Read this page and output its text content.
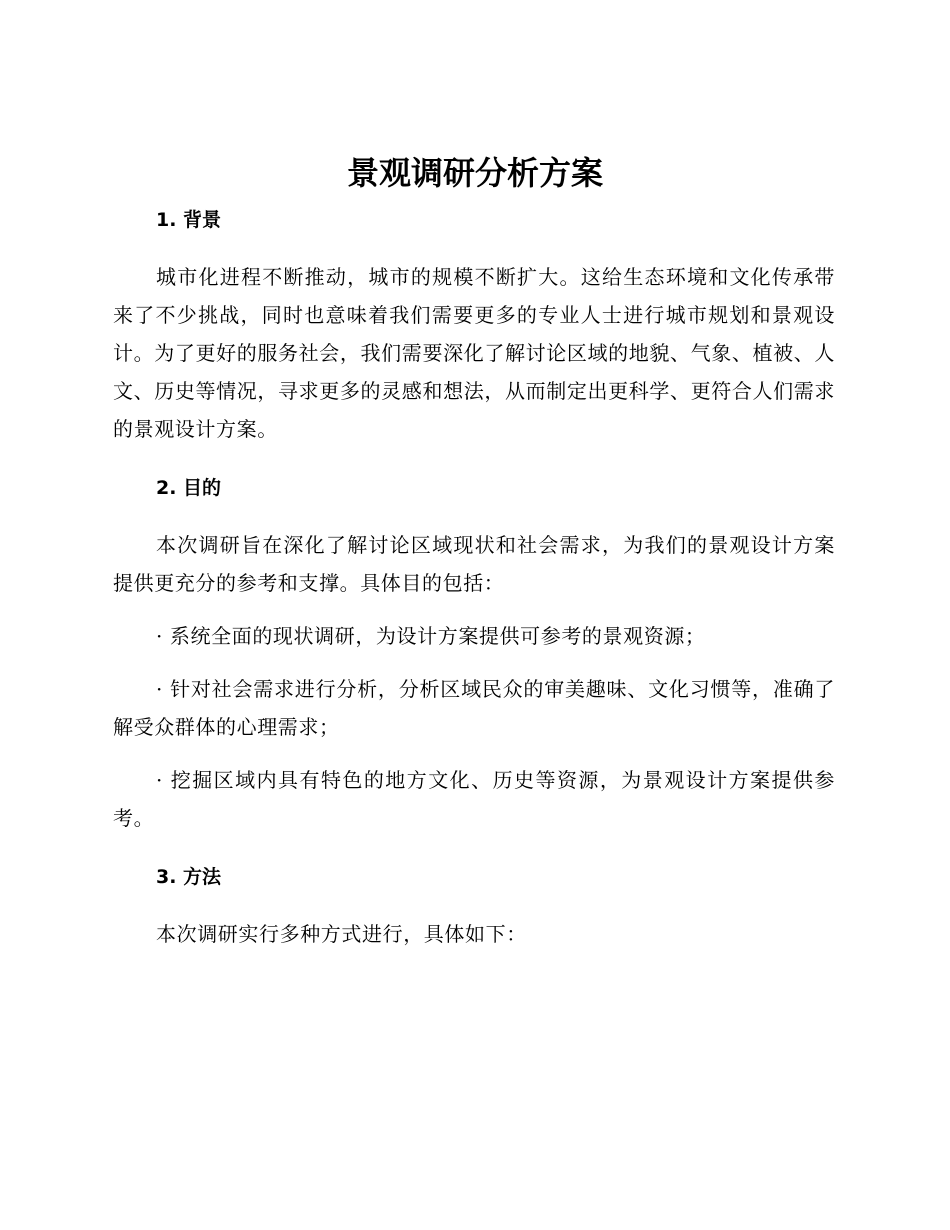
景观调研分析方案
1. 背景

城市化进程不断推动，城市的规模不断扩大。这给生态环境和文化传承带来了不少挑战，同时也意味着我们需要更多的专业人士进行城市规划和景观设计。为了更好的服务社会，我们需要深化了解讨论区域的地貌、气象、植被、人文、历史等情况，寻求更多的灵感和想法，从而制定出更科学、更符合人们需求的景观设计方案。

2. 目的

本次调研旨在深化了解讨论区域现状和社会需求，为我们的景观设计方案提供更充分的参考和支撑。具体目的包括：

· 系统全面的现状调研，为设计方案提供可参考的景观资源；

· 针对社会需求进行分析，分析区域民众的审美趣味、文化习惯等，准确了解受众群体的心理需求；

· 挖掘区域内具有特色的地方文化、历史等资源，为景观设计方案提供参考。

3. 方法

本次调研实行多种方式进行，具体如下：
